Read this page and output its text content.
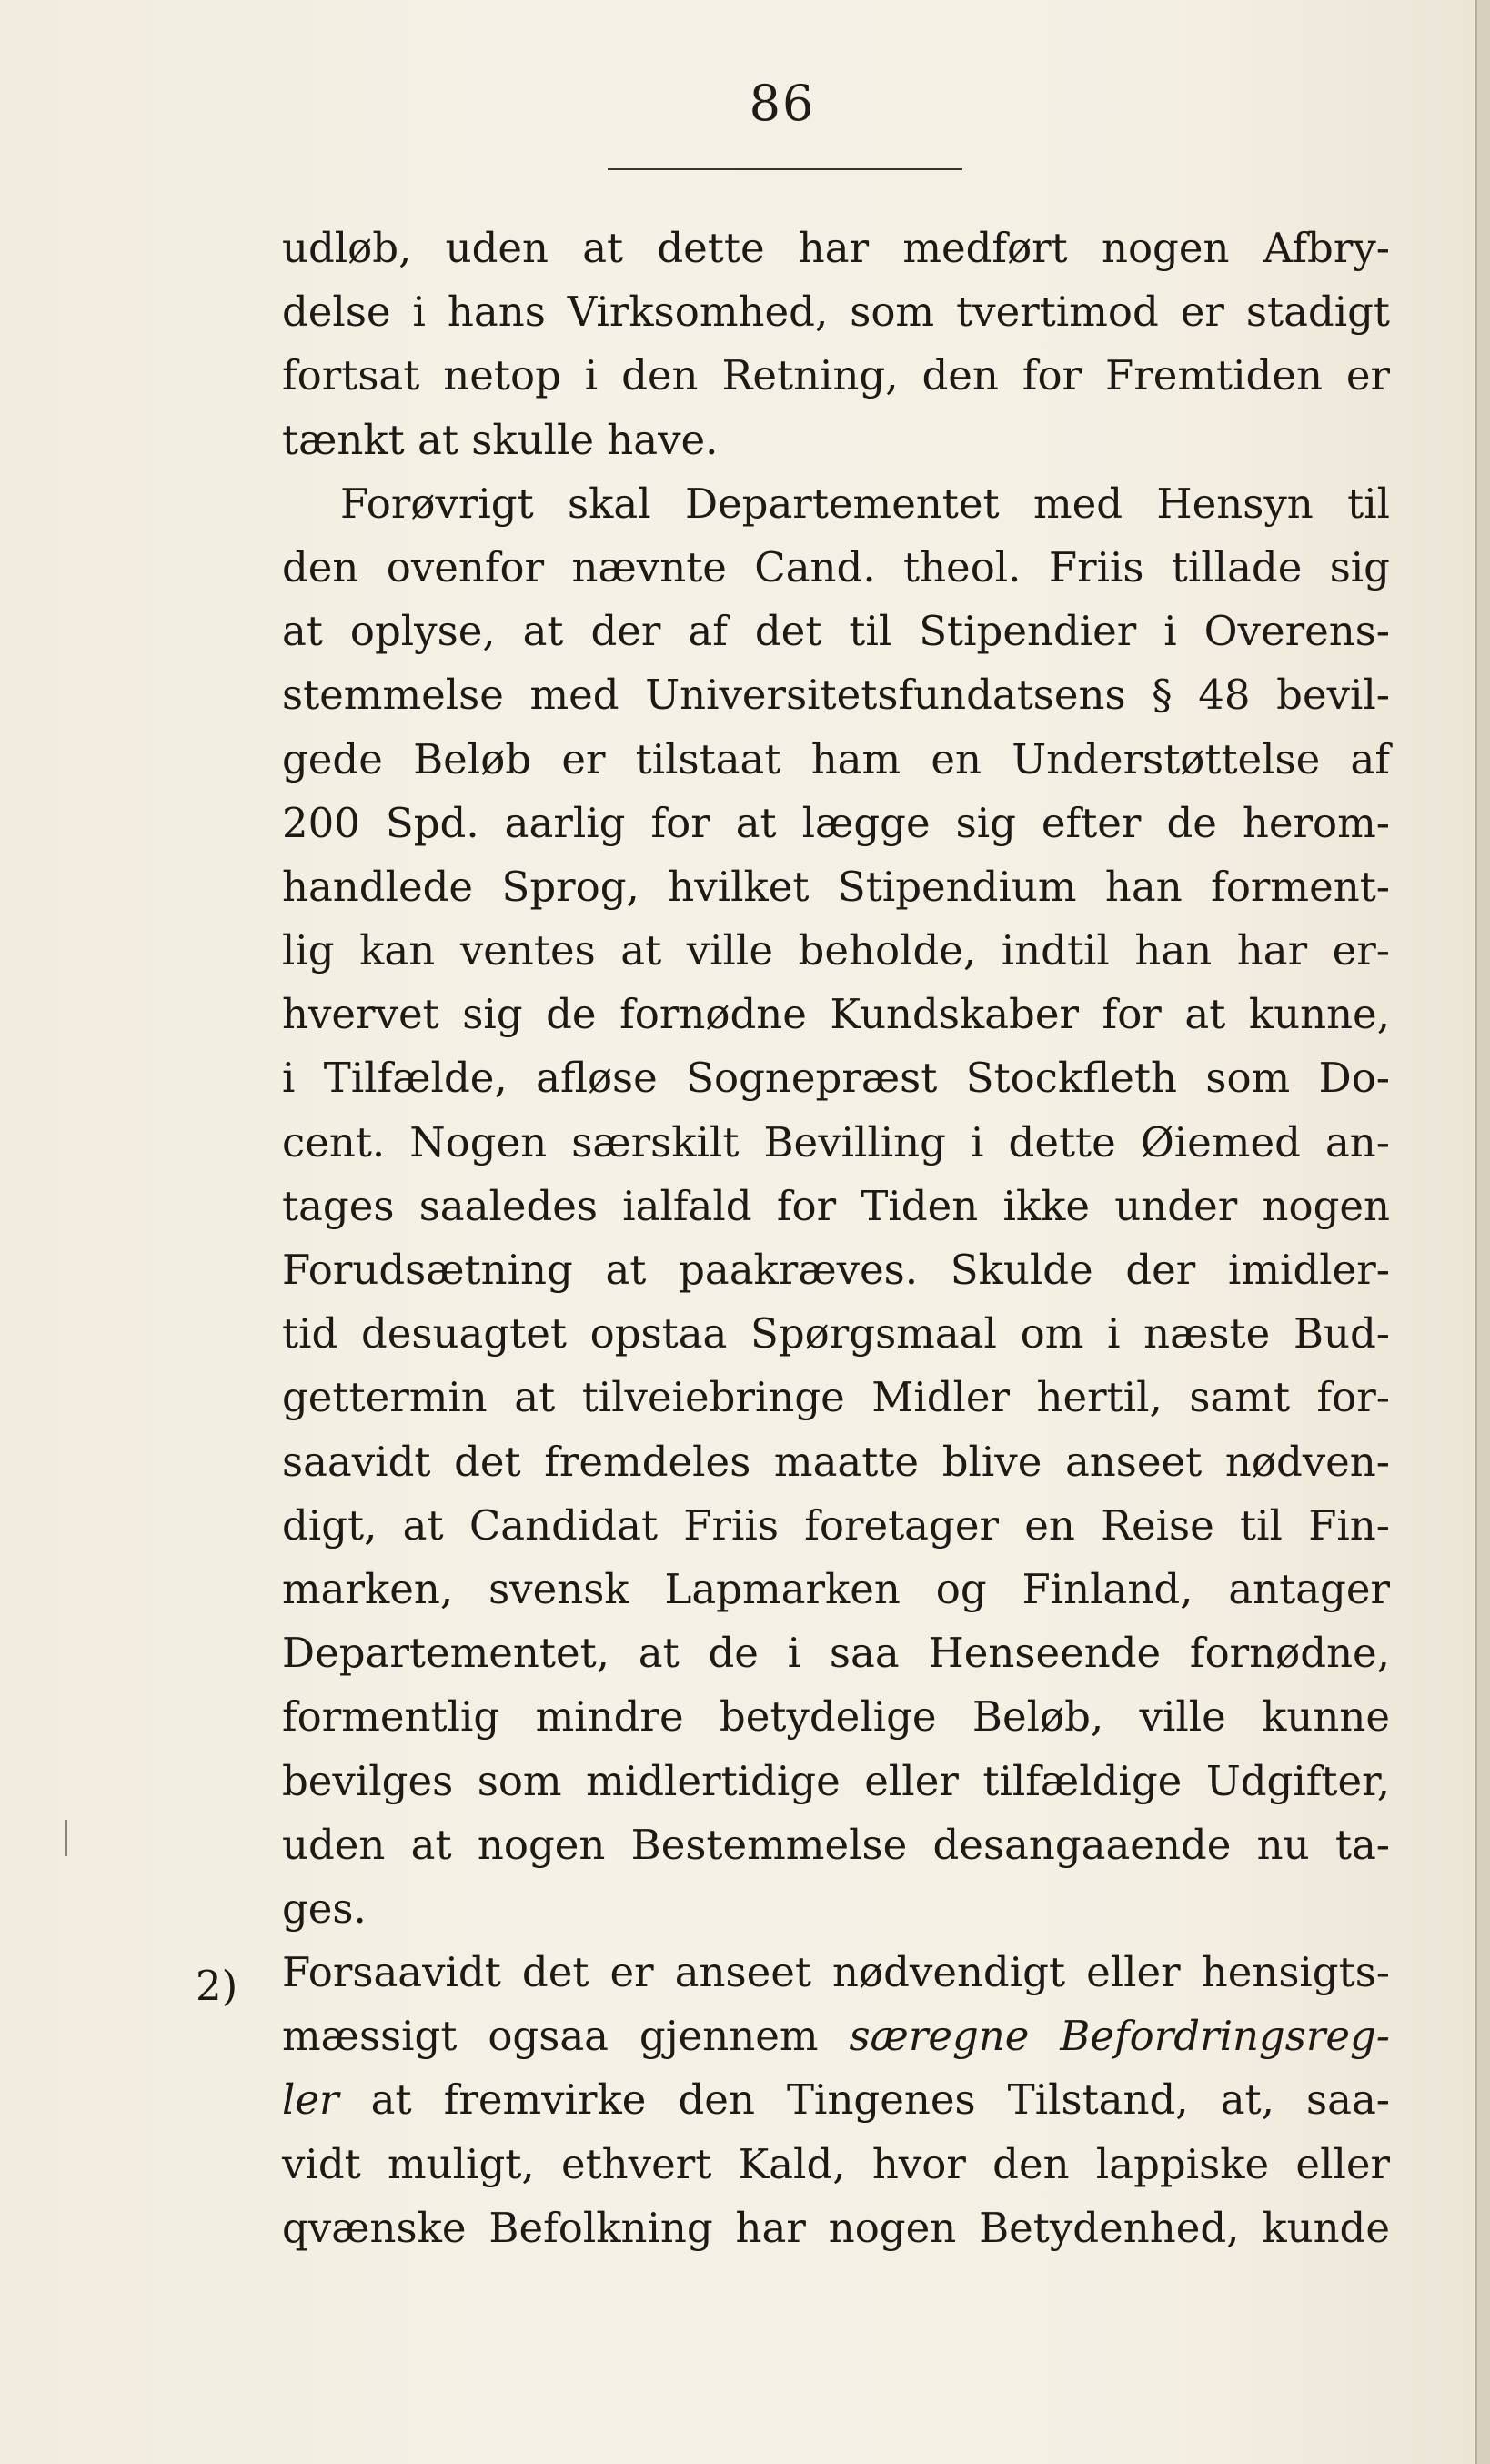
86
udløb, uden at dette har medført nogen Afbry-
delse i hans Virksomhed, som tvertimod er stadigt
fortsat netop i den Retning, den for Fremtiden er
tænkt at skulle have.
Forøvrigt skal Departementet med Hensyn til
den ovenfor nævnte Cand. theol. Friis tillade sig
at oplyse, at der af det til Stipendier i Overens-
stemmelse med Universitetsfundatsens § 48 bevil-
gede Beløb er tilstaat ham en Understøttelse af
200 Spd. aarlig for at lægge sig efter de herom-
handlede Sprog, hvilket Stipendium han forment-
lig kan ventes at ville beholde, indtil han har er-
hvervet sig de fornødne Kundskaber for at kunne,
i Tilfælde, afløse Sognepræst Stockfleth som Do-
cent. Nogen særskilt Bevilling i dette Øiemed an-
tages saaledes ialfald for Tiden ikke under nogen
Forudsætning at paakræves. Skulde der imidler-
tid desuagtet opstaa Spørgsmaal om i næste Bud-
gettermin at tilveiebringe Midler hertil, samt for-
saavidt det fremdeles maatte blive anseet nødven-
digt, at Candidat Friis foretager en Reise til Fin-
marken, svensk Lapmarken og Finland, antager
Departementet, at de i saa Henseende fornødne,
formentlig mindre betydelige Beløb, ville kunne
bevilges som midlertidige eller tilfældige Udgifter,
uden at nogen Bestemmelse desangaaende nu ta-
ges.
Forsaavidt det er anseet nødvendigt eller hensigts-
mæssigt ogsaa gjennem særegne Befordringsreg-
ler at fremvirke den Tingenes Tilstand, at, saa-
vidt muligt, ethvert Kald, hvor den lappiske eller
qvænske Befolkning har nogen Betydenhed, kunde
2)
